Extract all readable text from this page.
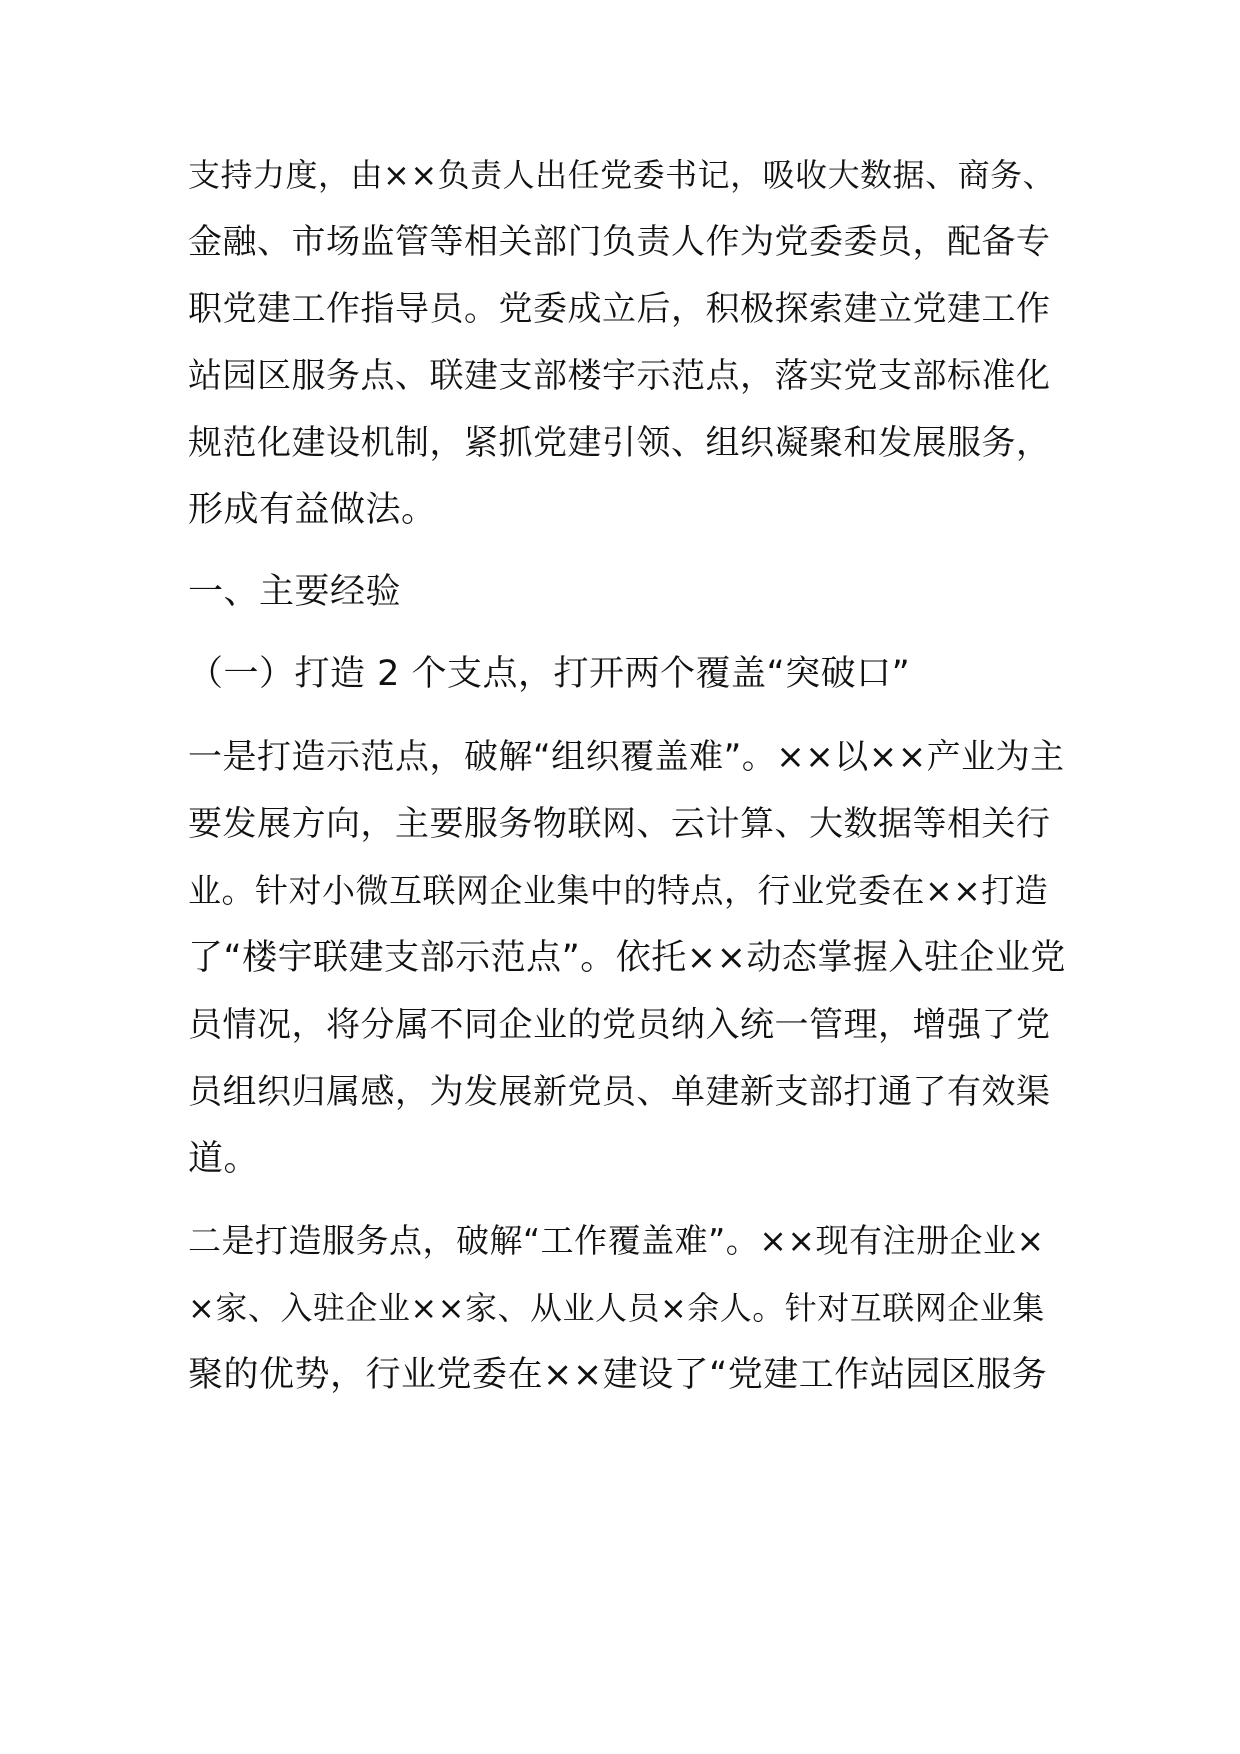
支持力度，由××负责人出任党委书记，吸收大数据、商务、
金融、市场监管等相关部门负责人作为党委委员，配备专
职党建工作指导员。党委成立后，积极探索建立党建工作
站园区服务点、联建支部楼宇示范点，落实党支部标准化
规范化建设机制，紧抓党建引领、组织凝聚和发展服务，
形成有益做法。
一、主要经验
（一）打造 2 个支点，打开两个覆盖“突破口”
一是打造示范点，破解“组织覆盖难”。××以××产业为主
要发展方向，主要服务物联网、云计算、大数据等相关行
业。针对小微互联网企业集中的特点，行业党委在××打造
了“楼宇联建支部示范点”。依托××动态掌握入驻企业党
员情况，将分属不同企业的党员纳入统一管理，增强了党
员组织归属感，为发展新党员、单建新支部打通了有效渠
道。
二是打造服务点，破解“工作覆盖难”。××现有注册企业×
×家、入驻企业××家、从业人员×余人。针对互联网企业集
聚的优势，行业党委在××建设了“党建工作站园区服务
